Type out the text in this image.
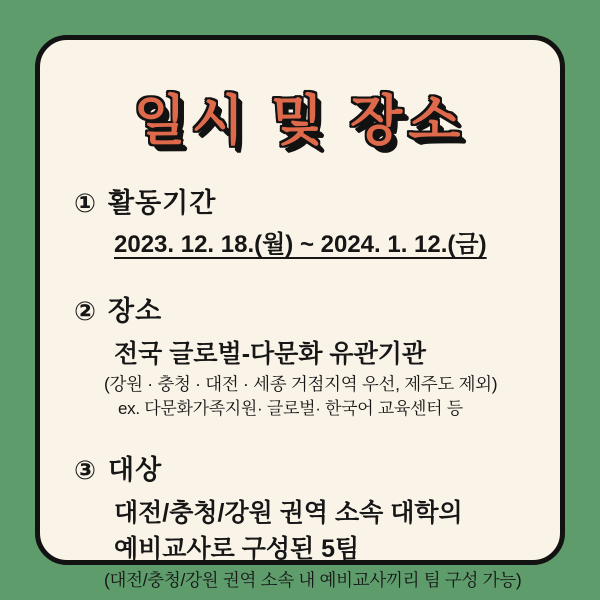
일시 및 장소
① 활동기간
2023. 12. 18.(월) ~ 2024. 1. 12.(금)
② 장소
전국 글로벌-다문화 유관기관
(강원 · 충청 · 대전 · 세종 거점지역 우선, 제주도 제외)
ex. 다문화가족지원· 글로벌· 한국어 교육센터 등
③ 대상
대전/충청/강원 권역 소속 대학의
예비교사로 구성된 5팀
(대전/충청/강원 권역 소속 내 예비교사끼리 팀 구성 가능)
